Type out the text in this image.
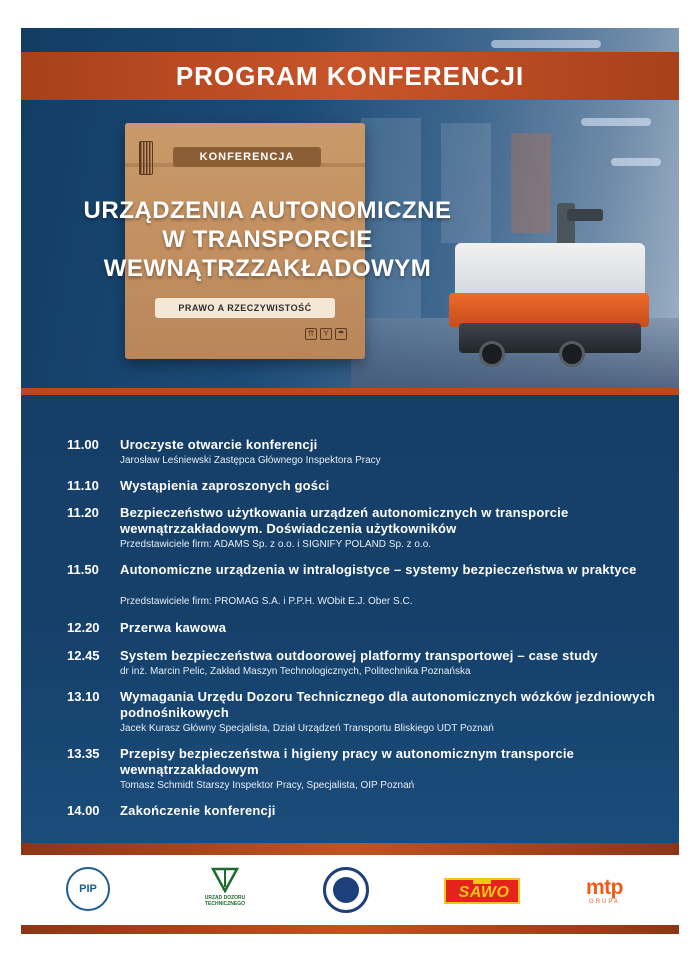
PROGRAM KONFERENCJI
KONFERENCJA
URZĄDZENIA AUTONOMICZNE
W TRANSPORCIE
WEWNĄTRZZAKŁADOWYM
PRAWO A RZECZYWISTOŚĆ
⇈	Y	☂
11.00	Uroczyste otwarcie konferencji
Jarosław Leśniewski Zastępca Głównego Inspektora Pracy
11.10	Wystąpienia zaproszonych gości
11.20	Bezpieczeństwo użytkowania urządzeń autonomicznych w transporcie wewnątrzzakładowym. Doświadczenia użytkowników
Przedstawiciele firm: ADAMS Sp. z o.o. i SIGNIFY POLAND Sp. z o.o.
11.50	Autonomiczne urządzenia w intralogistyce – systemy bezpieczeństwa w praktyce
Przedstawiciele firm: PROMAG S.A. i P.P.H. WObit E.J. Ober S.C.
12.20	Przerwa kawowa
12.45	System bezpieczeństwa outdoorowej platformy transportowej – case study
dr inż. Marcin Pelic, Zakład Maszyn Technologicznych, Politechnika Poznańska
13.10	Wymagania Urzędu Dozoru Technicznego dla autonomicznych wózków jezdniowych podnośnikowych
Jacek Kurasz Główny Specjalista, Dział Urządzeń Transportu Bliskiego UDT Poznań
13.35	Przepisy bezpieczeństwa i higieny pracy w autonomicznym transporcie wewnątrzzakładowym
Tomasz Schmidt Starszy Inspektor Pracy, Specjalista, OIP Poznań
14.00	Zakończenie konferencji
PIP
URZĄD DOZORU
TECHNICZNEGO
SAWO	mtp
GRUPA
